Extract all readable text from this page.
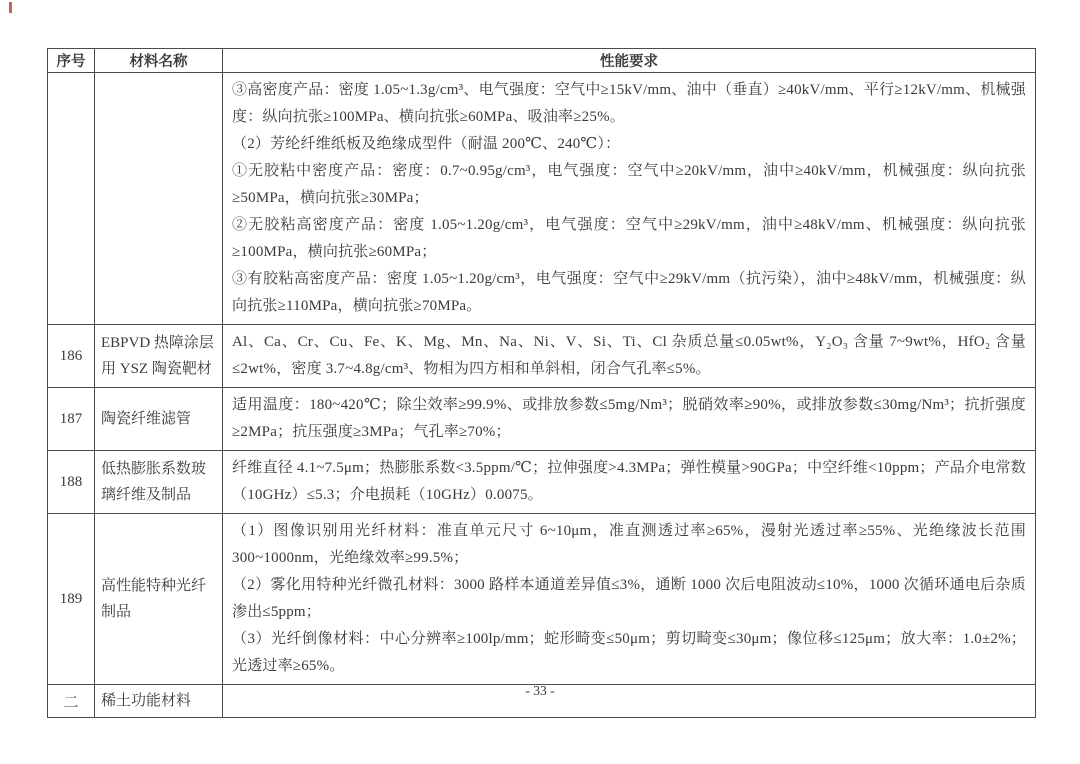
序号	材料名称	性能要求

		③高密度产品：密度 1.05~1.3g/cm³、电气强度：空气中≥15kV/mm、油中（垂直）≥40kV/mm、平行≥12kV/mm、机械强度：纵向抗张≥100MPa、横向抗张≥60MPa、吸油率≥25%。

（2）芳纶纤维纸板及绝缘成型件（耐温 200℃、240℃）：

①无胶粘中密度产品：密度：0.7~0.95g/cm³，电气强度：空气中≥20kV/mm，油中≥40kV/mm，机械强度：纵向抗张≥50MPa，横向抗张≥30MPa；

②无胶粘高密度产品：密度 1.05~1.20g/cm³，电气强度：空气中≥29kV/mm，油中≥48kV/mm、机械强度：纵向抗张≥100MPa，横向抗张≥60MPa；

③有胶粘高密度产品：密度 1.05~1.20g/cm³，电气强度：空气中≥29kV/mm（抗污染），油中≥48kV/mm，机械强度：纵向抗张≥110MPa，横向抗张≥70MPa。

186	EBPVD 热障涂层用 YSZ 陶瓷靶材	Al、Ca、Cr、Cu、Fe、K、Mg、Mn、Na、Ni、V、Si、Ti、Cl 杂质总量≤0.05wt%，Y₂O₃ 含量 7~9wt%，HfO₂ 含量≤2wt%，密度 3.7~4.8g/cm³、物相为四方相和单斜相，闭合气孔率≤5%。

187	陶瓷纤维滤管	适用温度：180~420℃；除尘效率≥99.9%、或排放参数≤5mg/Nm³；脱硝效率≥90%，或排放参数≤30mg/Nm³；抗折强度≥2MPa；抗压强度≥3MPa；气孔率≥70%；

188	低热膨胀系数玻璃纤维及制品	纤维直径 4.1~7.5μm；热膨胀系数<3.5ppm/℃；拉伸强度>4.3MPa；弹性模量>90GPa；中空纤维<10ppm；产品介电常数（10GHz）≤5.3；介电损耗（10GHz）0.0075。

189	高性能特种光纤制品	（1）图像识别用光纤材料：准直单元尺寸 6~10μm，准直测透过率≥65%，漫射光透过率≥55%、光绝缘波长范围 300~1000nm，光绝缘效率≥99.5%；

（2）雾化用特种光纤微孔材料：3000 路样本通道差异值≤3%，通断 1000 次后电阻波动≤10%，1000 次循环通电后杂质渗出≤5ppm；

（3）光纤倒像材料：中心分辨率≥100lp/mm；蛇形畸变≤50μm；剪切畸变≤30μm；像位移≤125μm；放大率：1.0±2%；光透过率≥65%。

二	稀土功能材料	
- 33 -
